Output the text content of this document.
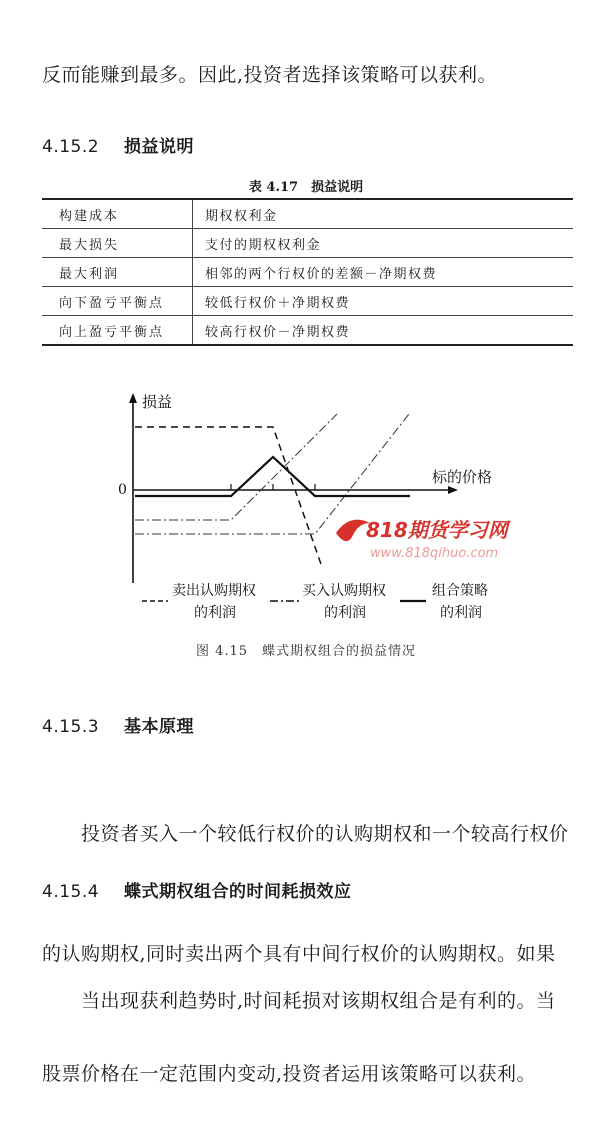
反而能赚到最多。因此,投资者选择该策略可以获利。
4.15.2 损益说明
表 4.17　损益说明
构建成本	期权权利金
最大损失	支付的期权权利金
最大利润	相邻的两个行权价的差额－净期权费
向下盈亏平衡点	较低行权价＋净期权费
向上盈亏平衡点	较高行权价－净期权费
损益
标的价格
0
818期货学习网
www.818qihuo.com
卖出认购期权
的利润
买入认购期权
的利润
组合策略
的利润
图 4.15　蝶式期权组合的损益情况
4.15.3 基本原理

　　投资者买入一个较低行权价的认购期权和一个较高行权价

的认购期权,同时卖出两个具有中间行权价的认购期权。如果

股票价格在一定范围内变动,投资者运用该策略可以获利。

4.15.4 蝶式期权组合的时间耗损效应

　　当出现获利趋势时,时间耗损对该期权组合是有利的。当
